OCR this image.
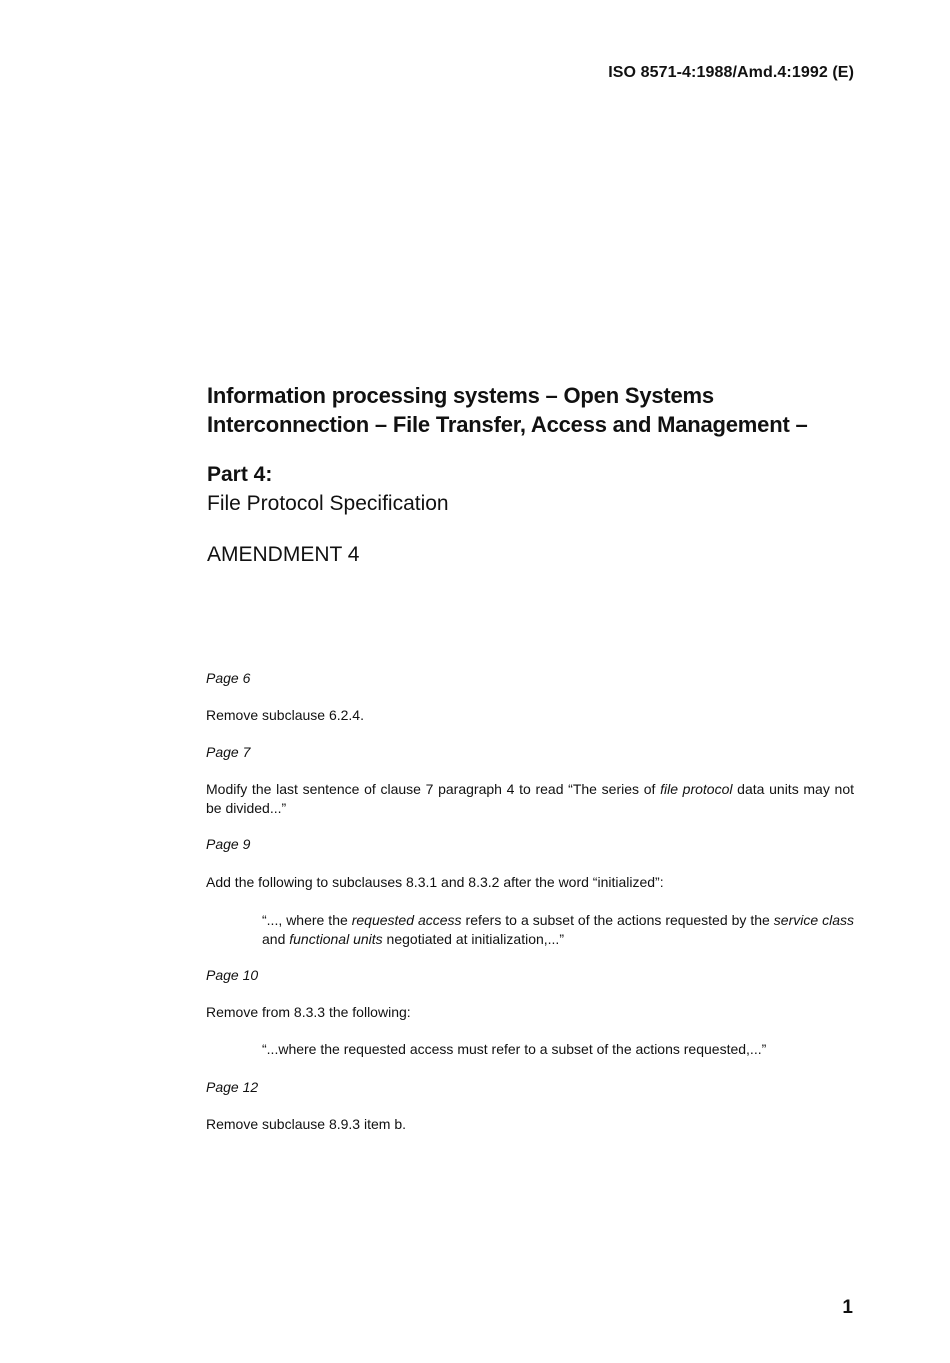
ISO 8571-4:1988/Amd.4:1992 (E)
Information processing systems – Open Systems
Interconnection – File Transfer, Access and Management –
Part 4:
File Protocol Specification
AMENDMENT 4
Page 6
Remove subclause 6.2.4.
Page 7
Modify the last sentence of clause 7 paragraph 4 to read “The series of file protocol data units may not be divided...”
Page 9
Add the following to subclauses 8.3.1 and 8.3.2 after the word “initialized”:
“..., where the requested access refers to a subset of the actions requested by the service class and functional units negotiated at initialization,...”
Page 10
Remove from 8.3.3 the following:
“...where the requested access must refer to a subset of the actions requested,...”
Page 12
Remove subclause 8.9.3 item b.
1
